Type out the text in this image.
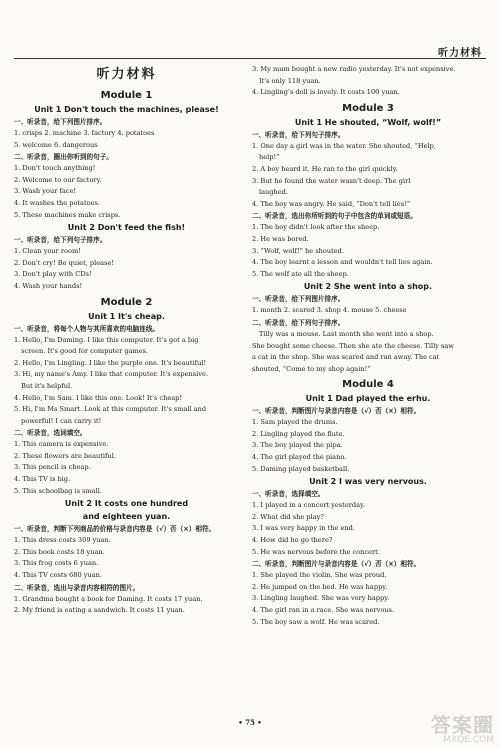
听力材料

听力材料

Module 1

Unit 1 Don't touch the machines, please!

一、听录音，给下列图片排序。

1. crisps 2. machine 3. factory 4. potatoes

5. welcome 6. dangerous

二、听录音，圈出你听到的句子。

1. Don't touch anything!

2. Welcome to our factory.

3. Wash your face!

4. It washes the potatoes.

5. These machines make crisps.

Unit 2 Don't feed the fish!

一、听录音，给下列句子排序。

1. Clean your room!

2. Don't cry! Be quiet, please!

3. Don't play with CDs!

4. Wash your hands!

Module 2

Unit 1 It's cheap.

一、听录音，将每个人物与其所喜欢的电脑连线。

1. Hello, I'm Daming. I like this computer. It's got a big

screen. It's good for computer games.

2. Hello, I'm Lingling. I like the purple one. It's beautiful!

3. Hi, my name's Amy. I like that computer. It's expensive.

But it's helpful.

4. Hello, I'm Sam. I like this one. Look! It's cheap!

5. Hi, I'm Ms Smart. Look at this computer. It's small and

powerful! I can carry it!

二、听录音，选词填空。

1. This camera is expensive.

2. These flowers are beautiful.

3. This pencil is cheap.

4. This TV is big.

5. This schoolbag is small.

Unit 2 It costs one hundred

and eighteen yuan.

一、听录音，判断下列商品的价格与录音内容是（√）否（×）相符。

1. This dress costs 309 yuan.

2. This book costs 18 yuan.

3. This frog costs 6 yuan.

4. This TV costs 680 yuan.

二、听录音，选出与录音内容相符的图片。

1. Grandma bought a book for Daming. It costs 17 yuan.

2. My friend is eating a sandwich. It costs 11 yuan.

3. My mum bought a new radio yesterday. It's not expensive.

It's only 118 yuan.

4. Lingling's doll is lovely. It costs 100 yuan.

Module 3

Unit 1 He shouted, “Wolf, wolf!”

一、听录音，给下列句子排序。

1. One day a girl was in the water. She shouted, “Help,

help!”

2. A boy heard it. He ran to the girl quickly.

3. But he found the water wasn't deep. The girl

laughed.

4. The boy was angry. He said, “Don't tell lies!”

二、听录音，选出你所听到的句子中包含的单词或短语。

1. The boy didn't look after the sheep.

2. He was bored.

3. “Wolf, wolf!” he shouted.

4. The boy learnt a lesson and wouldn't tell lies again.

5. The wolf ate all the sheep.

Unit 2 She went into a shop.

一、听录音，给下列图片排序。

1. month 2. scared 3. shop 4. mouse 5. cheese

二、听录音，给下列句子排序。

Tilly was a mouse. Last month she went into a shop.

She bought some cheese. Then she ate the cheese. Tilly saw

a cat in the shop. She was scared and ran away. The cat

shouted, “Come to my shop again!”

Module 4

Unit 1 Dad played the erhu.

一、听录音，判断图片与录音内容是（√）否（×）相符。

1. Sam played the drums.

2. Lingling played the flute.

3. The boy played the pipa.

4. The girl played the piano.

5. Daming played basketball.

Unit 2 I was very nervous.

一、听录音，选择填空。

1. I played in a concert yesterday.

2. What did she play?

3. I was very happy in the end.

4. How did he go there?

5. He was nervous before the concert.

二、听录音，判断图片与录音内容是（√）否（×）相符。

1. She played the violin. She was proud.

2. He jumped on the bed. He was happy.

3. Lingling laughed. She was very happy.

4. The girl ran in a race. She was nervous.

5. The boy saw a wolf. He was scared.

• 75 •	答案圈
MXQE.COM
